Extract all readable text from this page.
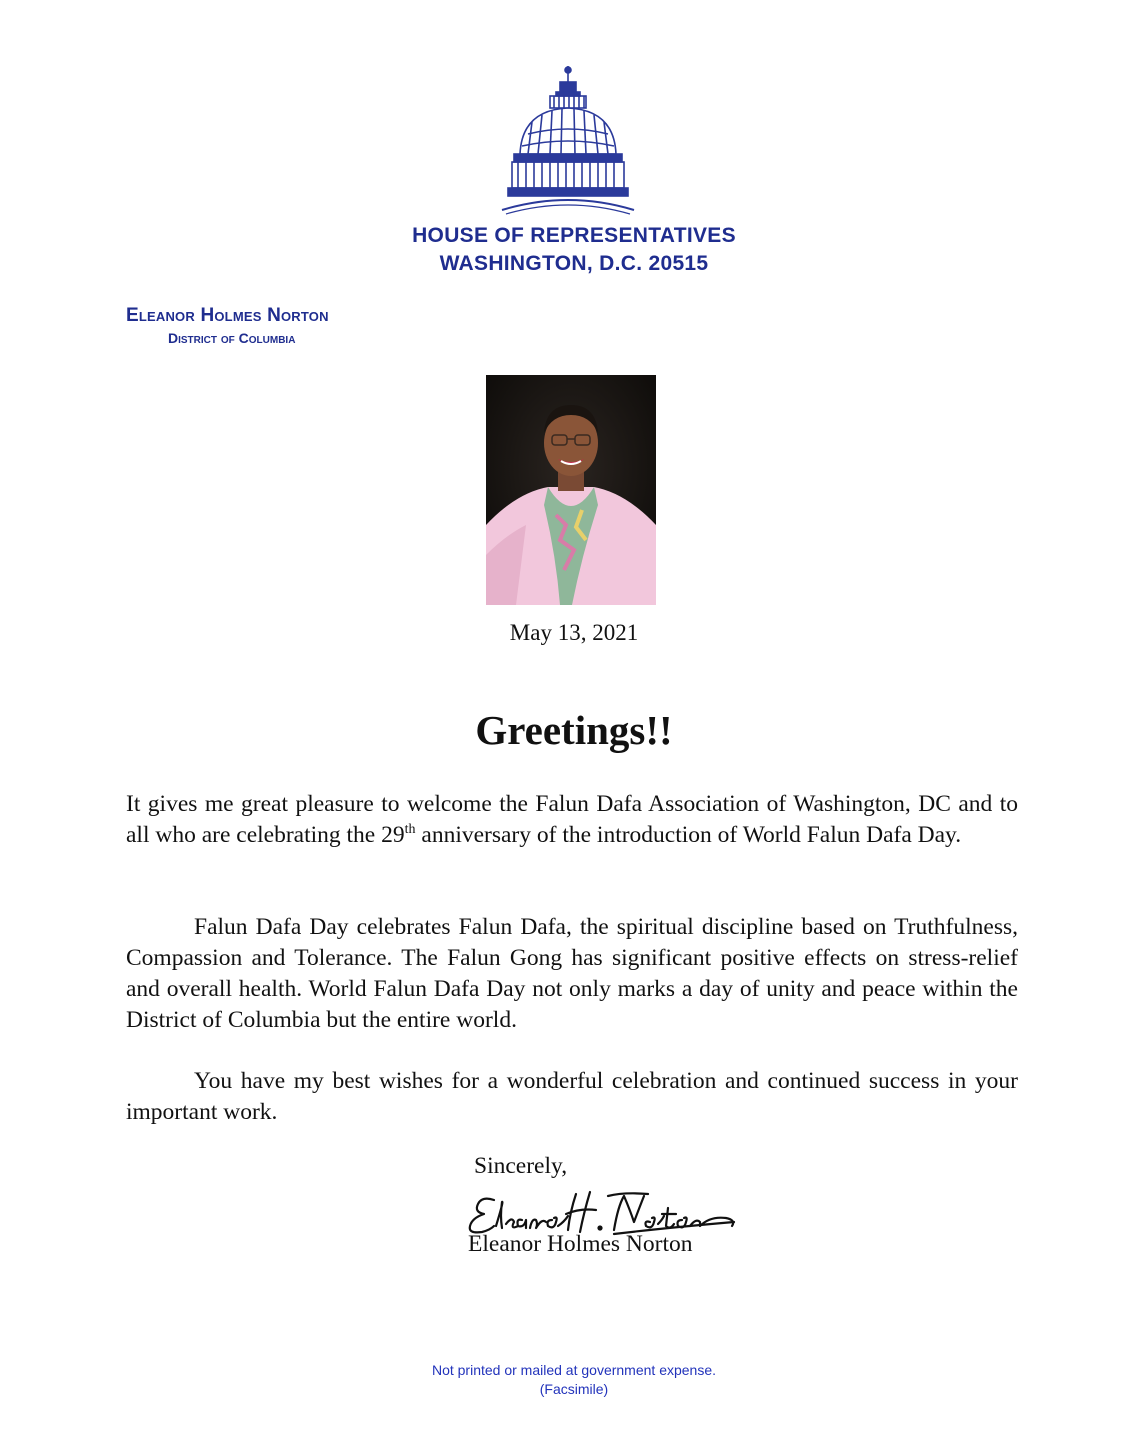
HOUSE OF REPRESENTATIVES
WASHINGTON, D.C. 20515
Eleanor Holmes Norton
District of Columbia
May 13, 2021
Greetings!!
It gives me great pleasure to welcome the Falun Dafa Association of Washington, DC and to all who are celebrating the 29th anniversary of the introduction of World Falun Dafa Day.
Falun Dafa Day celebrates Falun Dafa, the spiritual discipline based on Truthfulness, Compassion and Tolerance. The Falun Gong has significant positive effects on stress-relief and overall health. World Falun Dafa Day not only marks a day of unity and peace within the District of Columbia but the entire world.
You have my best wishes for a wonderful celebration and continued success in your important work.
Sincerely,
Eleanor Holmes Norton
Not printed or mailed at government expense.
(Facsimile)
